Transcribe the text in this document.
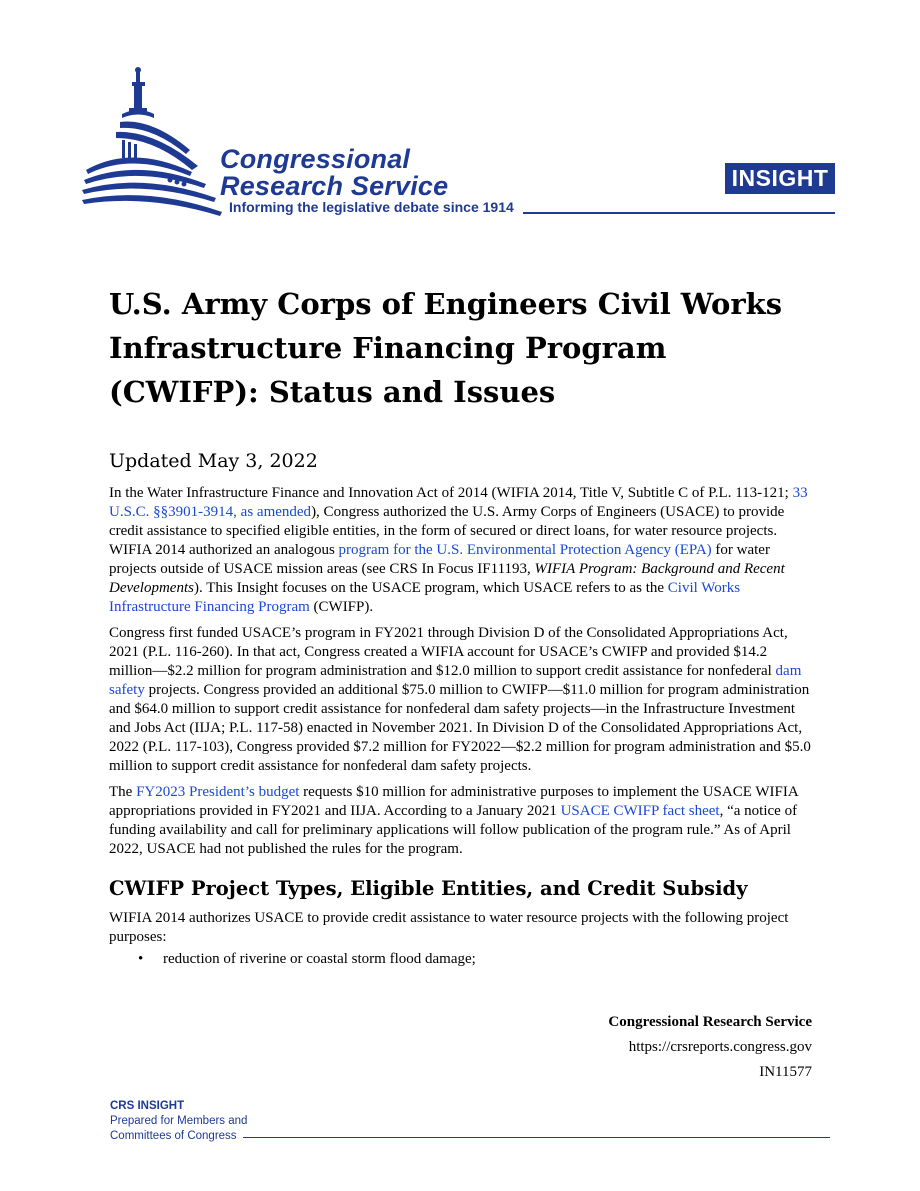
Congressional
Research Service
Informing the legislative debate since 1914
INSIGHT
U.S. Army Corps of Engineers Civil Works Infrastructure Financing Program (CWIFP): Status and Issues
Updated May 3, 2022

In the Water Infrastructure Finance and Innovation Act of 2014 (WIFIA 2014, Title V, Subtitle C of P.L. 113-121; 33 U.S.C. §§3901-3914, as amended), Congress authorized the U.S. Army Corps of Engineers (USACE) to provide credit assistance to specified eligible entities, in the form of secured or direct loans, for water resource projects. WIFIA 2014 authorized an analogous program for the U.S. Environmental Protection Agency (EPA) for water projects outside of USACE mission areas (see CRS In Focus IF11193, WIFIA Program: Background and Recent Developments). This Insight focuses on the USACE program, which USACE refers to as the Civil Works Infrastructure Financing Program (CWIFP).

Congress first funded USACE’s program in FY2021 through Division D of the Consolidated Appropriations Act, 2021 (P.L. 116-260). In that act, Congress created a WIFIA account for USACE’s CWIFP and provided $14.2 million—$2.2 million for program administration and $12.0 million to support credit assistance for nonfederal dam safety projects. Congress provided an additional $75.0 million to CWIFP—$11.0 million for program administration and $64.0 million to support credit assistance for nonfederal dam safety projects—in the Infrastructure Investment and Jobs Act (IIJA; P.L. 117-58) enacted in November 2021. In Division D of the Consolidated Appropriations Act, 2022 (P.L. 117-103), Congress provided $7.2 million for FY2022—$2.2 million for program administration and $5.0 million to support credit assistance for nonfederal dam safety projects.

The FY2023 President’s budget requests $10 million for administrative purposes to implement the USACE WIFIA appropriations provided in FY2021 and IIJA. According to a January 2021 USACE CWIFP fact sheet, “a notice of funding availability and call for preliminary applications will follow publication of the program rule.” As of April 2022, USACE had not published the rules for the program.

CWIFP Project Types, Eligible Entities, and Credit Subsidy

WIFIA 2014 authorizes USACE to provide credit assistance to water resource projects with the following project purposes:

• reduction of riverine or coastal storm flood damage;
Congressional Research Service
https://crsreports.congress.gov
IN11577
CRS INSIGHT
Prepared for Members and
Committees of Congress
